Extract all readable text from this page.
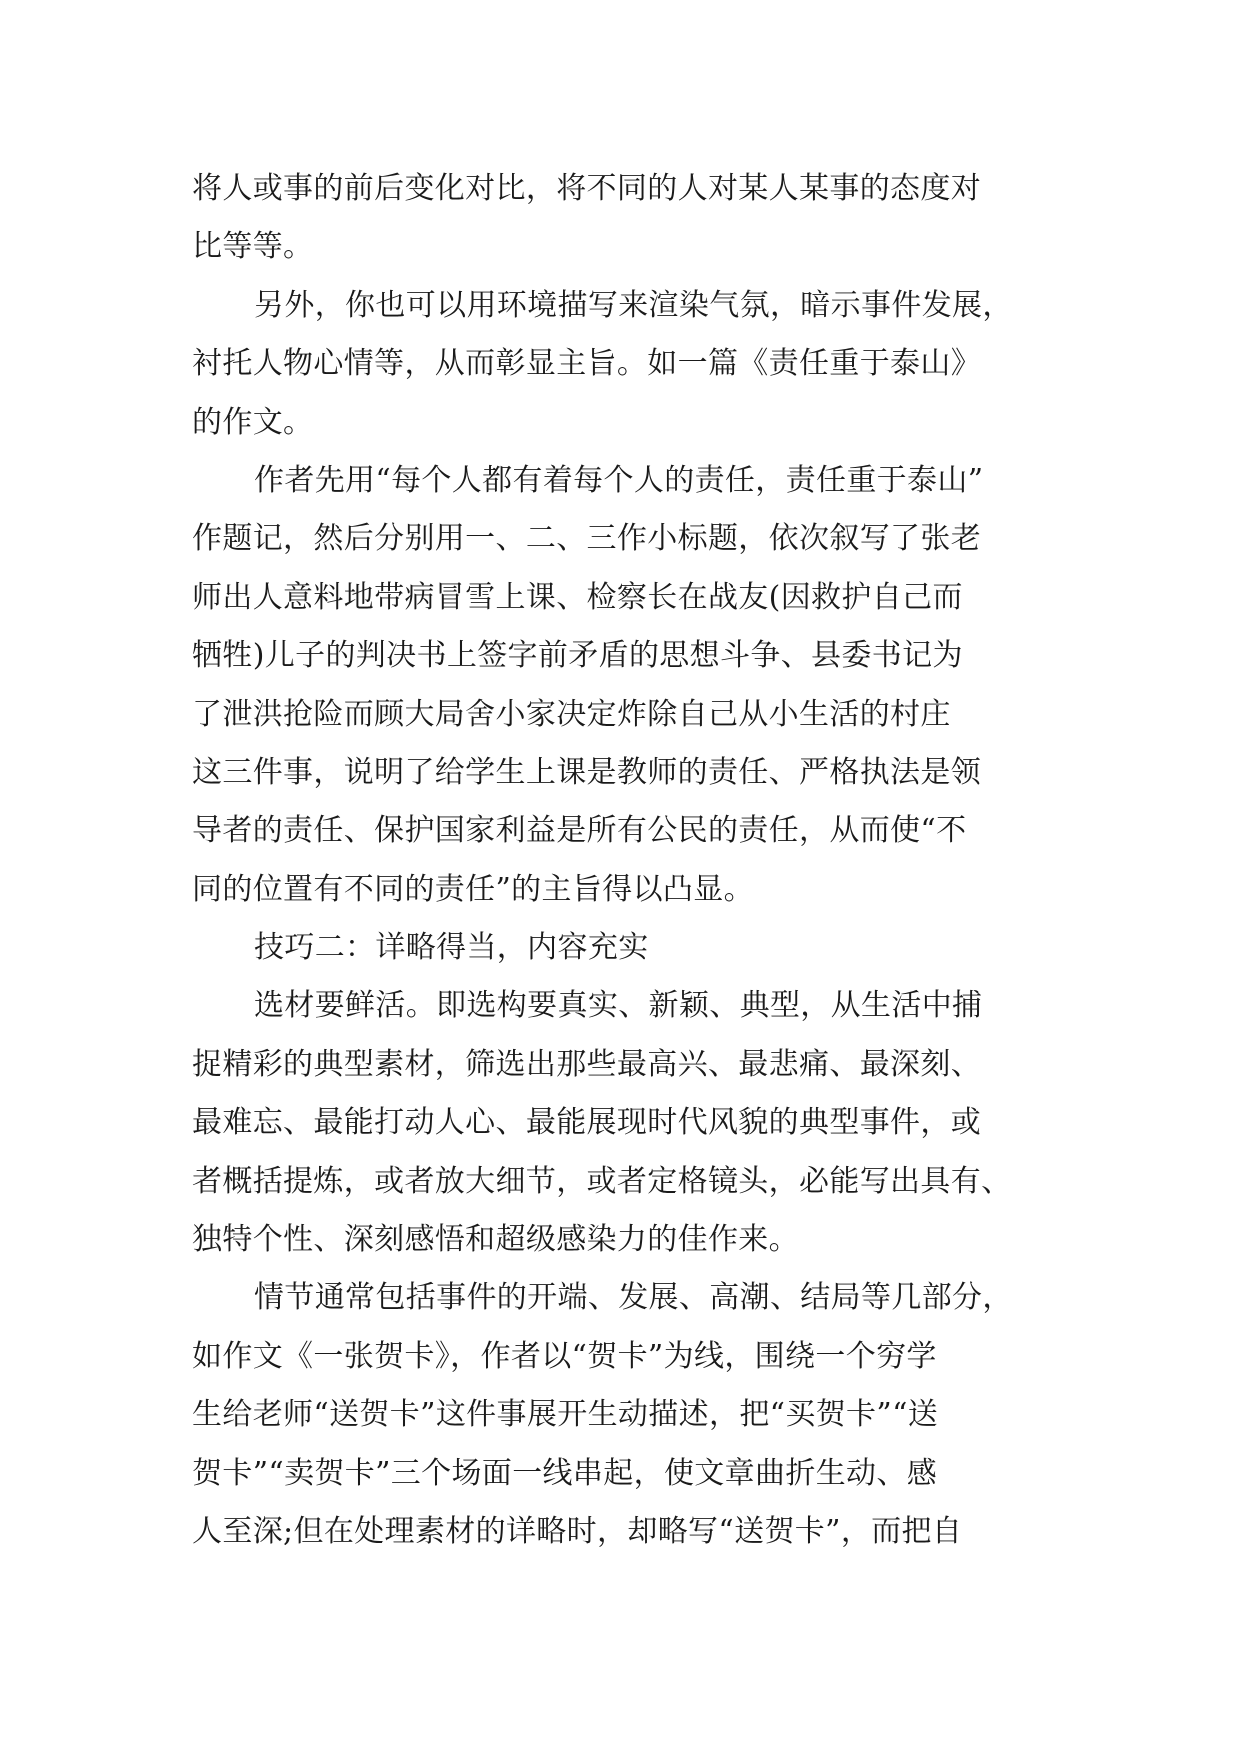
将人或事的前后变化对比，将不同的人对某人某事的态度对
比等等。
另外，你也可以用环境描写来渲染气氛，暗示事件发展，
衬托人物心情等，从而彰显主旨。如一篇《责任重于泰山》
的作文。
作者先用“每个人都有着每个人的责任，责任重于泰山”
作题记，然后分别用一、二、三作小标题，依次叙写了张老
师出人意料地带病冒雪上课、检察长在战友(因救护自己而
牺牲)儿子的判决书上签字前矛盾的思想斗争、县委书记为
了泄洪抢险而顾大局舍小家决定炸除自己从小生活的村庄
这三件事，说明了给学生上课是教师的责任、严格执法是领
导者的责任、保护国家利益是所有公民的责任，从而使“不
同的位置有不同的责任”的主旨得以凸显。
技巧二：详略得当，内容充实
选材要鲜活。即选构要真实、新颖、典型，从生活中捕
捉精彩的典型素材，筛选出那些最高兴、最悲痛、最深刻、
最难忘、最能打动人心、最能展现时代风貌的典型事件，或
者概括提炼，或者放大细节，或者定格镜头，必能写出具有、
独特个性、深刻感悟和超级感染力的佳作来。
情节通常包括事件的开端、发展、高潮、结局等几部分，
如作文《一张贺卡》，作者以“贺卡”为线，围绕一个穷学
生给老师“送贺卡”这件事展开生动描述，把“买贺卡”“送
贺卡”“卖贺卡”三个场面一线串起，使文章曲折生动、感
人至深;但在处理素材的详略时，却略写“送贺卡”，而把自
